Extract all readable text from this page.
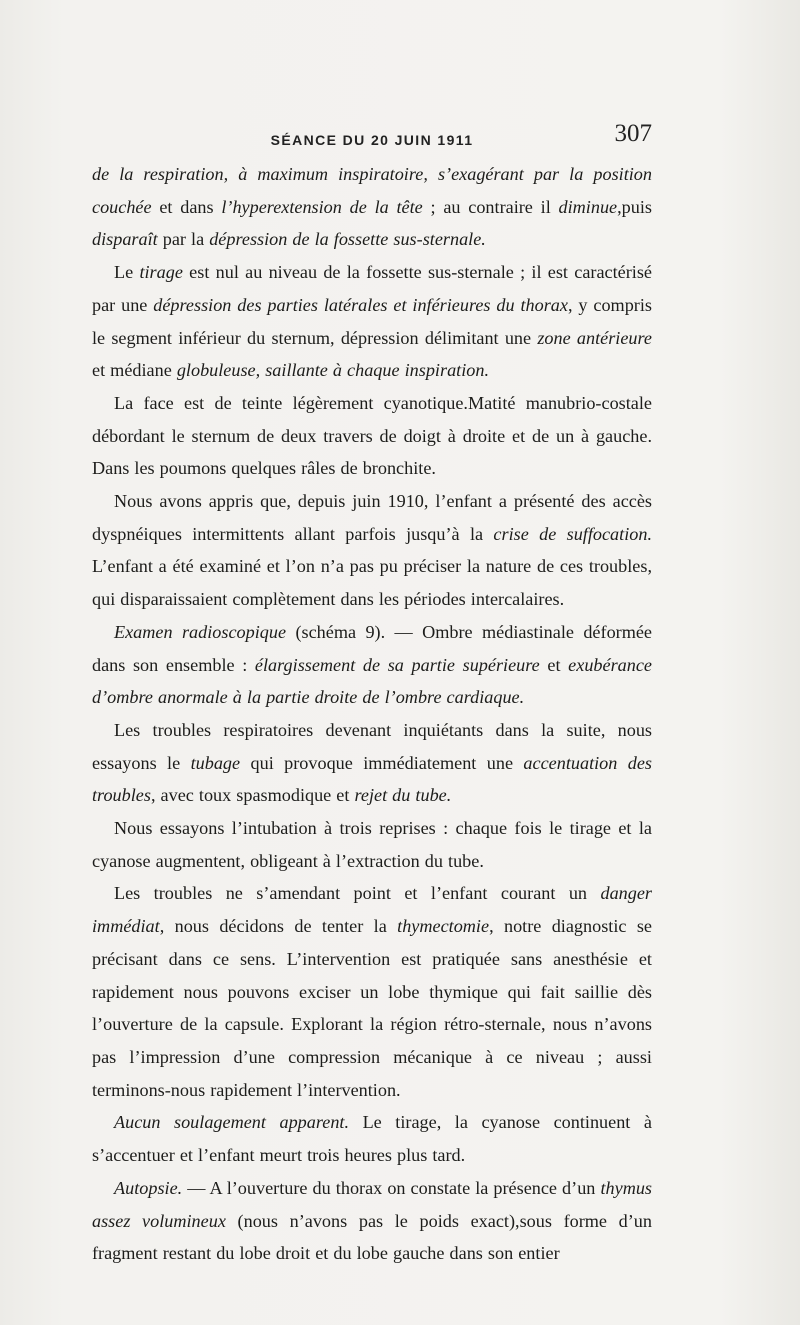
SÉANCE DU 20 JUIN 1911	307

de la respiration, à maximum inspiratoire, s’exagérant par la position couchée et dans l’hyperextension de la tête ; au contraire il diminue,puis disparaît par la dépression de la fossette sus-sternale.

Le tirage est nul au niveau de la fossette sus-sternale ; il est caractérisé par une dépression des parties latérales et inférieures du thorax, y compris le segment inférieur du sternum, dépression délimitant une zone antérieure et médiane globuleuse, saillante à chaque inspiration.

La face est de teinte légèrement cyanotique.Matité manubrio-costale débordant le sternum de deux travers de doigt à droite et de un à gauche. Dans les poumons quelques râles de bronchite.

Nous avons appris que, depuis juin 1910, l’enfant a présenté des accès dyspnéiques intermittents allant parfois jusqu’à la crise de suffocation. L’enfant a été examiné et l’on n’a pas pu préciser la nature de ces troubles, qui disparaissaient complètement dans les périodes intercalaires.

Examen radioscopique (schéma 9). — Ombre médiastinale déformée dans son ensemble : élargissement de sa partie supérieure et exubérance d’ombre anormale à la partie droite de l’ombre cardiaque.

Les troubles respiratoires devenant inquiétants dans la suite, nous essayons le tubage qui provoque immédiatement une accentuation des troubles, avec toux spasmodique et rejet du tube.

Nous essayons l’intubation à trois reprises : chaque fois le tirage et la cyanose augmentent, obligeant à l’extraction du tube.

Les troubles ne s’amendant point et l’enfant courant un danger immédiat, nous décidons de tenter la thymectomie, notre diagnostic se précisant dans ce sens. L’intervention est pratiquée sans anesthésie et rapidement nous pouvons exciser un lobe thymique qui fait saillie dès l’ouverture de la capsule. Explorant la région rétro-sternale, nous n’avons pas l’impression d’une compression mécanique à ce niveau ; aussi terminons-nous rapidement l’intervention.

Aucun soulagement apparent. Le tirage, la cyanose continuent à s’accentuer et l’enfant meurt trois heures plus tard.

Autopsie. — A l’ouverture du thorax on constate la présence d’un thymus assez volumineux (nous n’avons pas le poids exact),sous forme d’un fragment restant du lobe droit et du lobe gauche dans son entier
